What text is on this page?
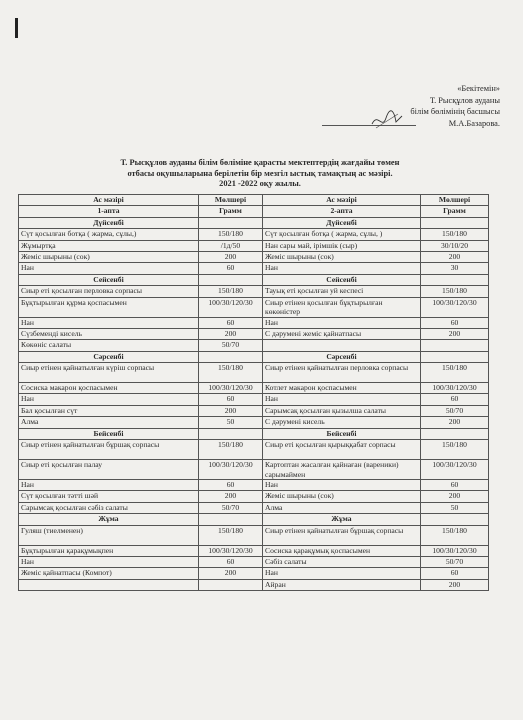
«Бекітемін»
Т. Рысқұлов ауданы
білім бөлімінің басшысы
М.А.Базарова.
Т. Рысқұлов ауданы білім бөліміне қарасты мектептердің жағдайы төмен
отбасы оқушыларына берілетін бір мезгіл ыстық тамақтың ас мәзірі.
2021 -2022 оқу жылы.
Ас мәзірі	Мөлшері	Ас мәзірі	Мөлшері
1-апта	Грамм	2-апта	Грамм
Дүйсенбі		Дүйсенбі	
Сүт қосылған ботқа ( жарма, сұлы,)	150/180	Сүт қосылған ботқа ( жарма, сұлы, )	150/180
Жұмыртқа	/1д/50	Нан сары май, ірімшік (сыр)	30/10/20
Жеміс шырыны (сок)	200	Жеміс шырыны (сок)	200
Нан	60	Нан	30
Сейсенбі		Сейсенбі	
Сиыр еті қосылған перловка сорпасы	150/180	Тауық еті қосылған уй кеспесі	150/180
Бұқтырылған құрма қоспасымен	100/30/120/30	Сиыр етінен қосылған бұқтырылған көкөністер	100/30/120/30
Нан	60	Нан	60
Сүзбеменді кисель	200	С дәрумені жеміс қайнатпасы	200
Көкөніс салаты	50/70		
Сәрсенбі		Сәрсенбі	
Сиыр етінен қайнатылған күріш сорпасы	150/180	Сиыр етінен қайнатылған перловка сорпасы	150/180
Сосиска макарон қоспасымен	100/30/120/30	Котлет макарон қоспасымен	100/30/120/30
Нан	60	Нан	60
Бал қосылған сүт	200	Сарымсақ қосылған қызылша салаты	50/70
Алма	50	С дәрумені кисель	200
Бейсенбі		Бейсенбі	
Сиыр етінен қайнатылған бұршақ сорпасы	150/180	Сиыр еті қосылған қырыққабат сорпасы	150/180
Сиыр еті қосылған палау	100/30/120/30	Картоптан жасалған қайнаған (вареники) сарымаймен	100/30/120/30
Нан	60	Нан	60
Сүт қосылған тәтті шәй	200	Жеміс шырыны (сок)	200
Сарымсақ қосылған сәбіз салаты	50/70	Алма	50
Жұма		Жұма	
Гуляш (тиелменен)	150/180	Сиыр етінен қайнатылған бұршақ сорпасы	150/180
Бұқтырылған қарақұмықпен	100/30/120/30	Сосиска қарақұмық қоспасымен	100/30/120/30
Нан	60	Сәбіз салаты	50/70
Жеміс қайнатпасы (Компот)	200	Нан	60
		Айран	200
